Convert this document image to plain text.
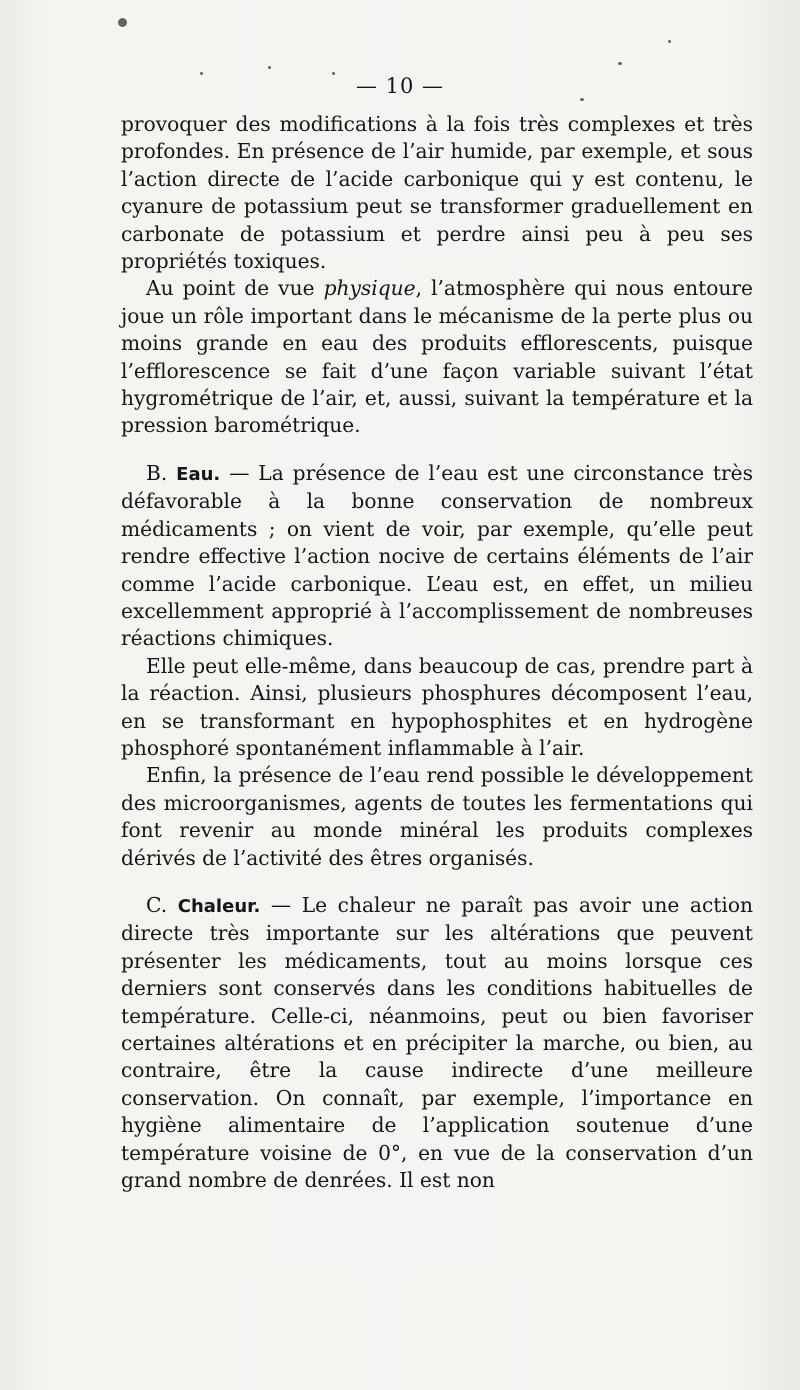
— 10 —

provoquer des modifications à la fois très complexes et très profondes. En présence de l’air humide, par exemple, et sous l’action directe de l’acide carbonique qui y est contenu, le cyanure de potassium peut se transformer graduellement en carbonate de potassium et perdre ainsi peu à peu ses propriétés toxiques.

Au point de vue physique, l’atmosphère qui nous entoure joue un rôle important dans le mécanisme de la perte plus ou moins grande en eau des produits efflorescents, puisque l’efflorescence se fait d’une façon variable suivant l’état hygrométrique de l’air, et, aussi, suivant la température et la pression barométrique.

B. Eau. — La présence de l’eau est une circonstance très défavorable à la bonne conservation de nombreux médicaments ; on vient de voir, par exemple, qu’elle peut rendre effective l’action nocive de certains éléments de l’air comme l’acide carbonique. L’eau est, en effet, un milieu excellemment approprié à l’accomplissement de nombreuses réactions chimiques.

Elle peut elle-même, dans beaucoup de cas, prendre part à la réaction. Ainsi, plusieurs phosphures décomposent l’eau, en se transformant en hypophosphites et en hydrogène phosphoré spontanément inflammable à l’air.

Enfin, la présence de l’eau rend possible le développement des microorganismes, agents de toutes les fermentations qui font revenir au monde minéral les produits complexes dérivés de l’activité des êtres organisés.

C. Chaleur. — Le chaleur ne paraît pas avoir une action directe très importante sur les altérations que peuvent présenter les médicaments, tout au moins lorsque ces derniers sont conservés dans les conditions habituelles de température. Celle-ci, néanmoins, peut ou bien favoriser certaines altérations et en précipiter la marche, ou bien, au contraire, être la cause indirecte d’une meilleure conservation. On connaît, par exemple, l’importance en hygiène alimentaire de l’application soutenue d’une température voisine de 0°, en vue de la conservation d’un grand nombre de denrées. Il est non
